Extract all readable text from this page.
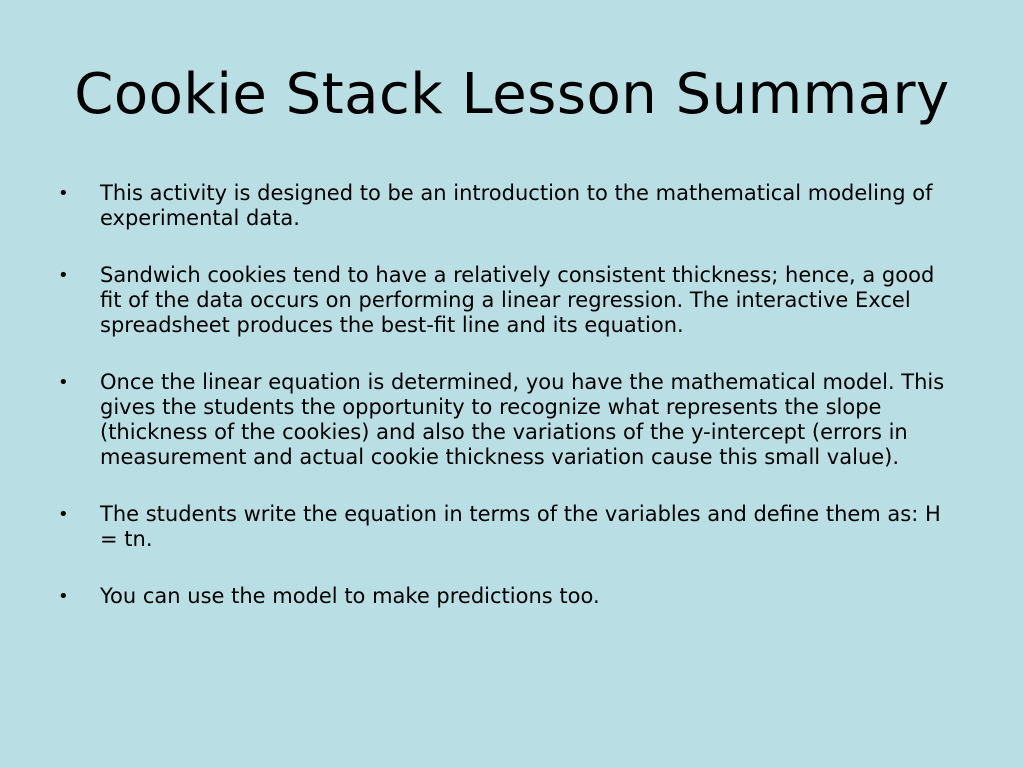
Cookie Stack Lesson Summary
•	This activity is designed to be an introduction to the mathematical modeling of experimental data.
•	Sandwich cookies tend to have a relatively consistent thickness; hence, a good fit of the data occurs on performing a linear regression. The interactive Excel spreadsheet produces the best-fit line and its equation.
•	Once the linear equation is determined, you have the mathematical model. This gives the students the opportunity to recognize what represents the slope (thickness of the cookies) and also the variations of the y-intercept (errors in measurement and actual cookie thickness variation cause this small value).
•	The students write the equation in terms of the variables and define them as: H = tn.
•	You can use the model to make predictions too.
